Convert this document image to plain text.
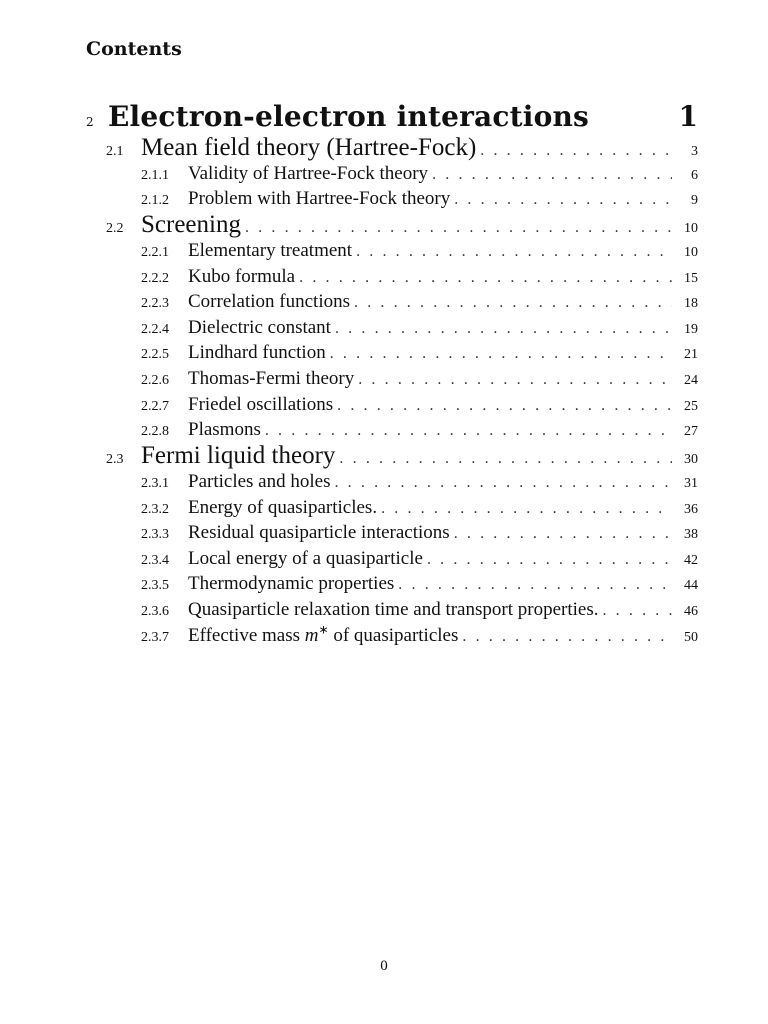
Contents
2 Electron-electron interactions	1
2.1 Mean field theory (Hartree-Fock) . . .	3
2.1.1	Validity of Hartree-Fock theory . . .	6
2.1.2	Problem with Hartree-Fock theory . . .	9
2.2 Screening . . .	10
2.2.1	Elementary treatment . . .	10
2.2.2	Kubo formula . . .	15
2.2.3	Correlation functions . . .	18
2.2.4	Dielectric constant . . .	19
2.2.5	Lindhard function . . .	21
2.2.6	Thomas-Fermi theory . . .	24
2.2.7	Friedel oscillations . . .	25
2.2.8	Plasmons . . .	27
2.3 Fermi liquid theory . . .	30
2.3.1	Particles and holes . . .	31
2.3.2	Energy of quasiparticles. . . .	36
2.3.3	Residual quasiparticle interactions . . .	38
2.3.4	Local energy of a quasiparticle . . .	42
2.3.5	Thermodynamic properties . . .	44
2.3.6	Quasiparticle relaxation time and transport properties. . . .	46
2.3.7	Effective mass m∗ of quasiparticles . . .	50
0
